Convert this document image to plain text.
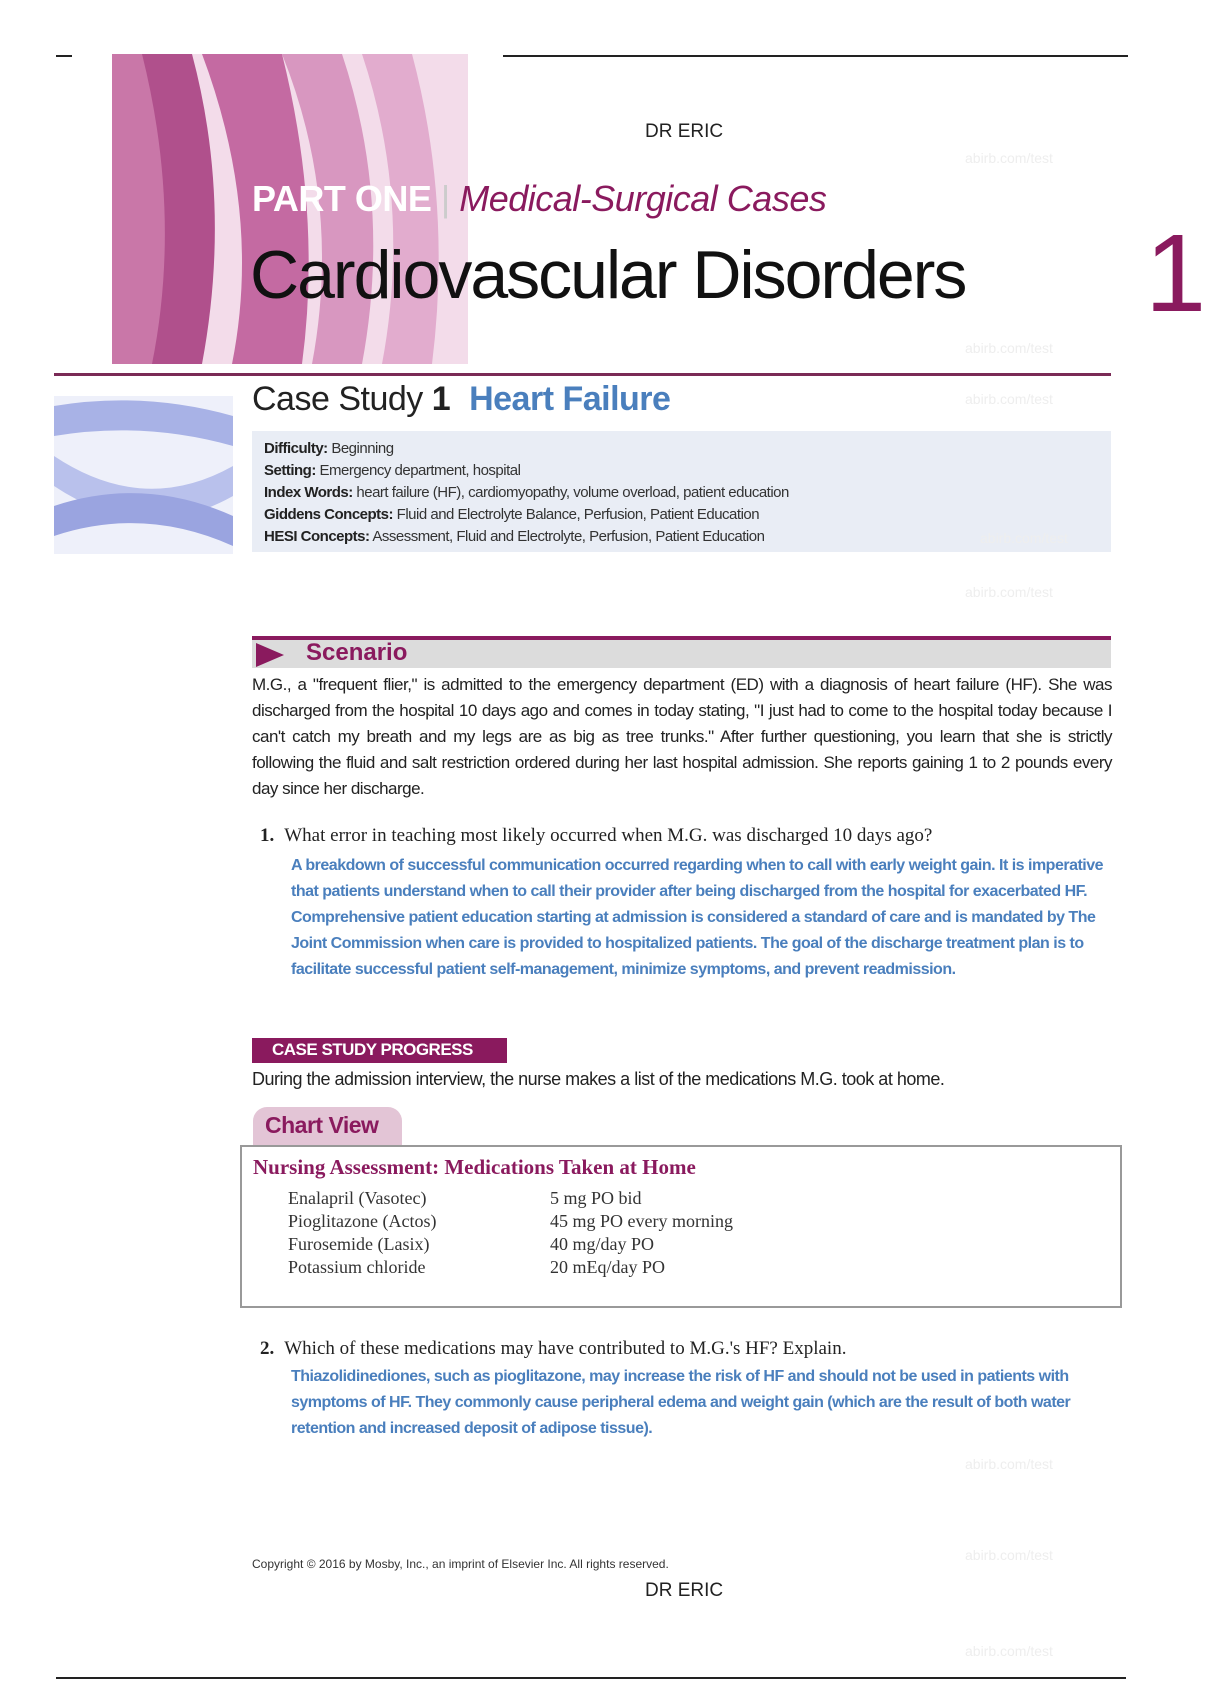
DR ERIC
PART ONE | Medical-Surgical Cases
Cardiovascular Disorders 1
Case Study 1 Heart Failure
Difficulty: Beginning
Setting: Emergency department, hospital
Index Words: heart failure (HF), cardiomyopathy, volume overload, patient education
Giddens Concepts: Fluid and Electrolyte Balance, Perfusion, Patient Education
HESI Concepts: Assessment, Fluid and Electrolyte, Perfusion, Patient Education
Scenario
M.G., a "frequent flier," is admitted to the emergency department (ED) with a diagnosis of heart failure (HF). She was discharged from the hospital 10 days ago and comes in today stating, "I just had to come to the hospital today because I can't catch my breath and my legs are as big as tree trunks." After further questioning, you learn that she is strictly following the fluid and salt restriction ordered during her last hospital admission. She reports gaining 1 to 2 pounds every day since her discharge.
1. What error in teaching most likely occurred when M.G. was discharged 10 days ago?
A breakdown of successful communication occurred regarding when to call with early weight gain. It is imperative that patients understand when to call their provider after being discharged from the hospital for exacerbated HF. Comprehensive patient education starting at admission is considered a standard of care and is mandated by The Joint Commission when care is provided to hospitalized patients. The goal of the discharge treatment plan is to facilitate successful patient self-management, minimize symptoms, and prevent readmission.
CASE STUDY PROGRESS
During the admission interview, the nurse makes a list of the medications M.G. took at home.
Chart View
Nursing Assessment: Medications Taken at Home
Enalapril (Vasotec)	5 mg PO bid
Pioglitazone (Actos)	45 mg PO every morning
Furosemide (Lasix)	40 mg/day PO
Potassium chloride	20 mEq/day PO
2. Which of these medications may have contributed to M.G.'s HF? Explain.
Thiazolidinediones, such as pioglitazone, may increase the risk of HF and should not be used in patients with symptoms of HF. They commonly cause peripheral edema and weight gain (which are the result of both water retention and increased deposit of adipose tissue).
Copyright © 2016 by Mosby, Inc., an imprint of Elsevier Inc. All rights reserved.
DR ERIC
abirb.com/test
abirb.com/test
abirb.com/test
abirb.com/test
abirb.com/test
abirb.com/test
abirb.com/test
abirb.com/test
